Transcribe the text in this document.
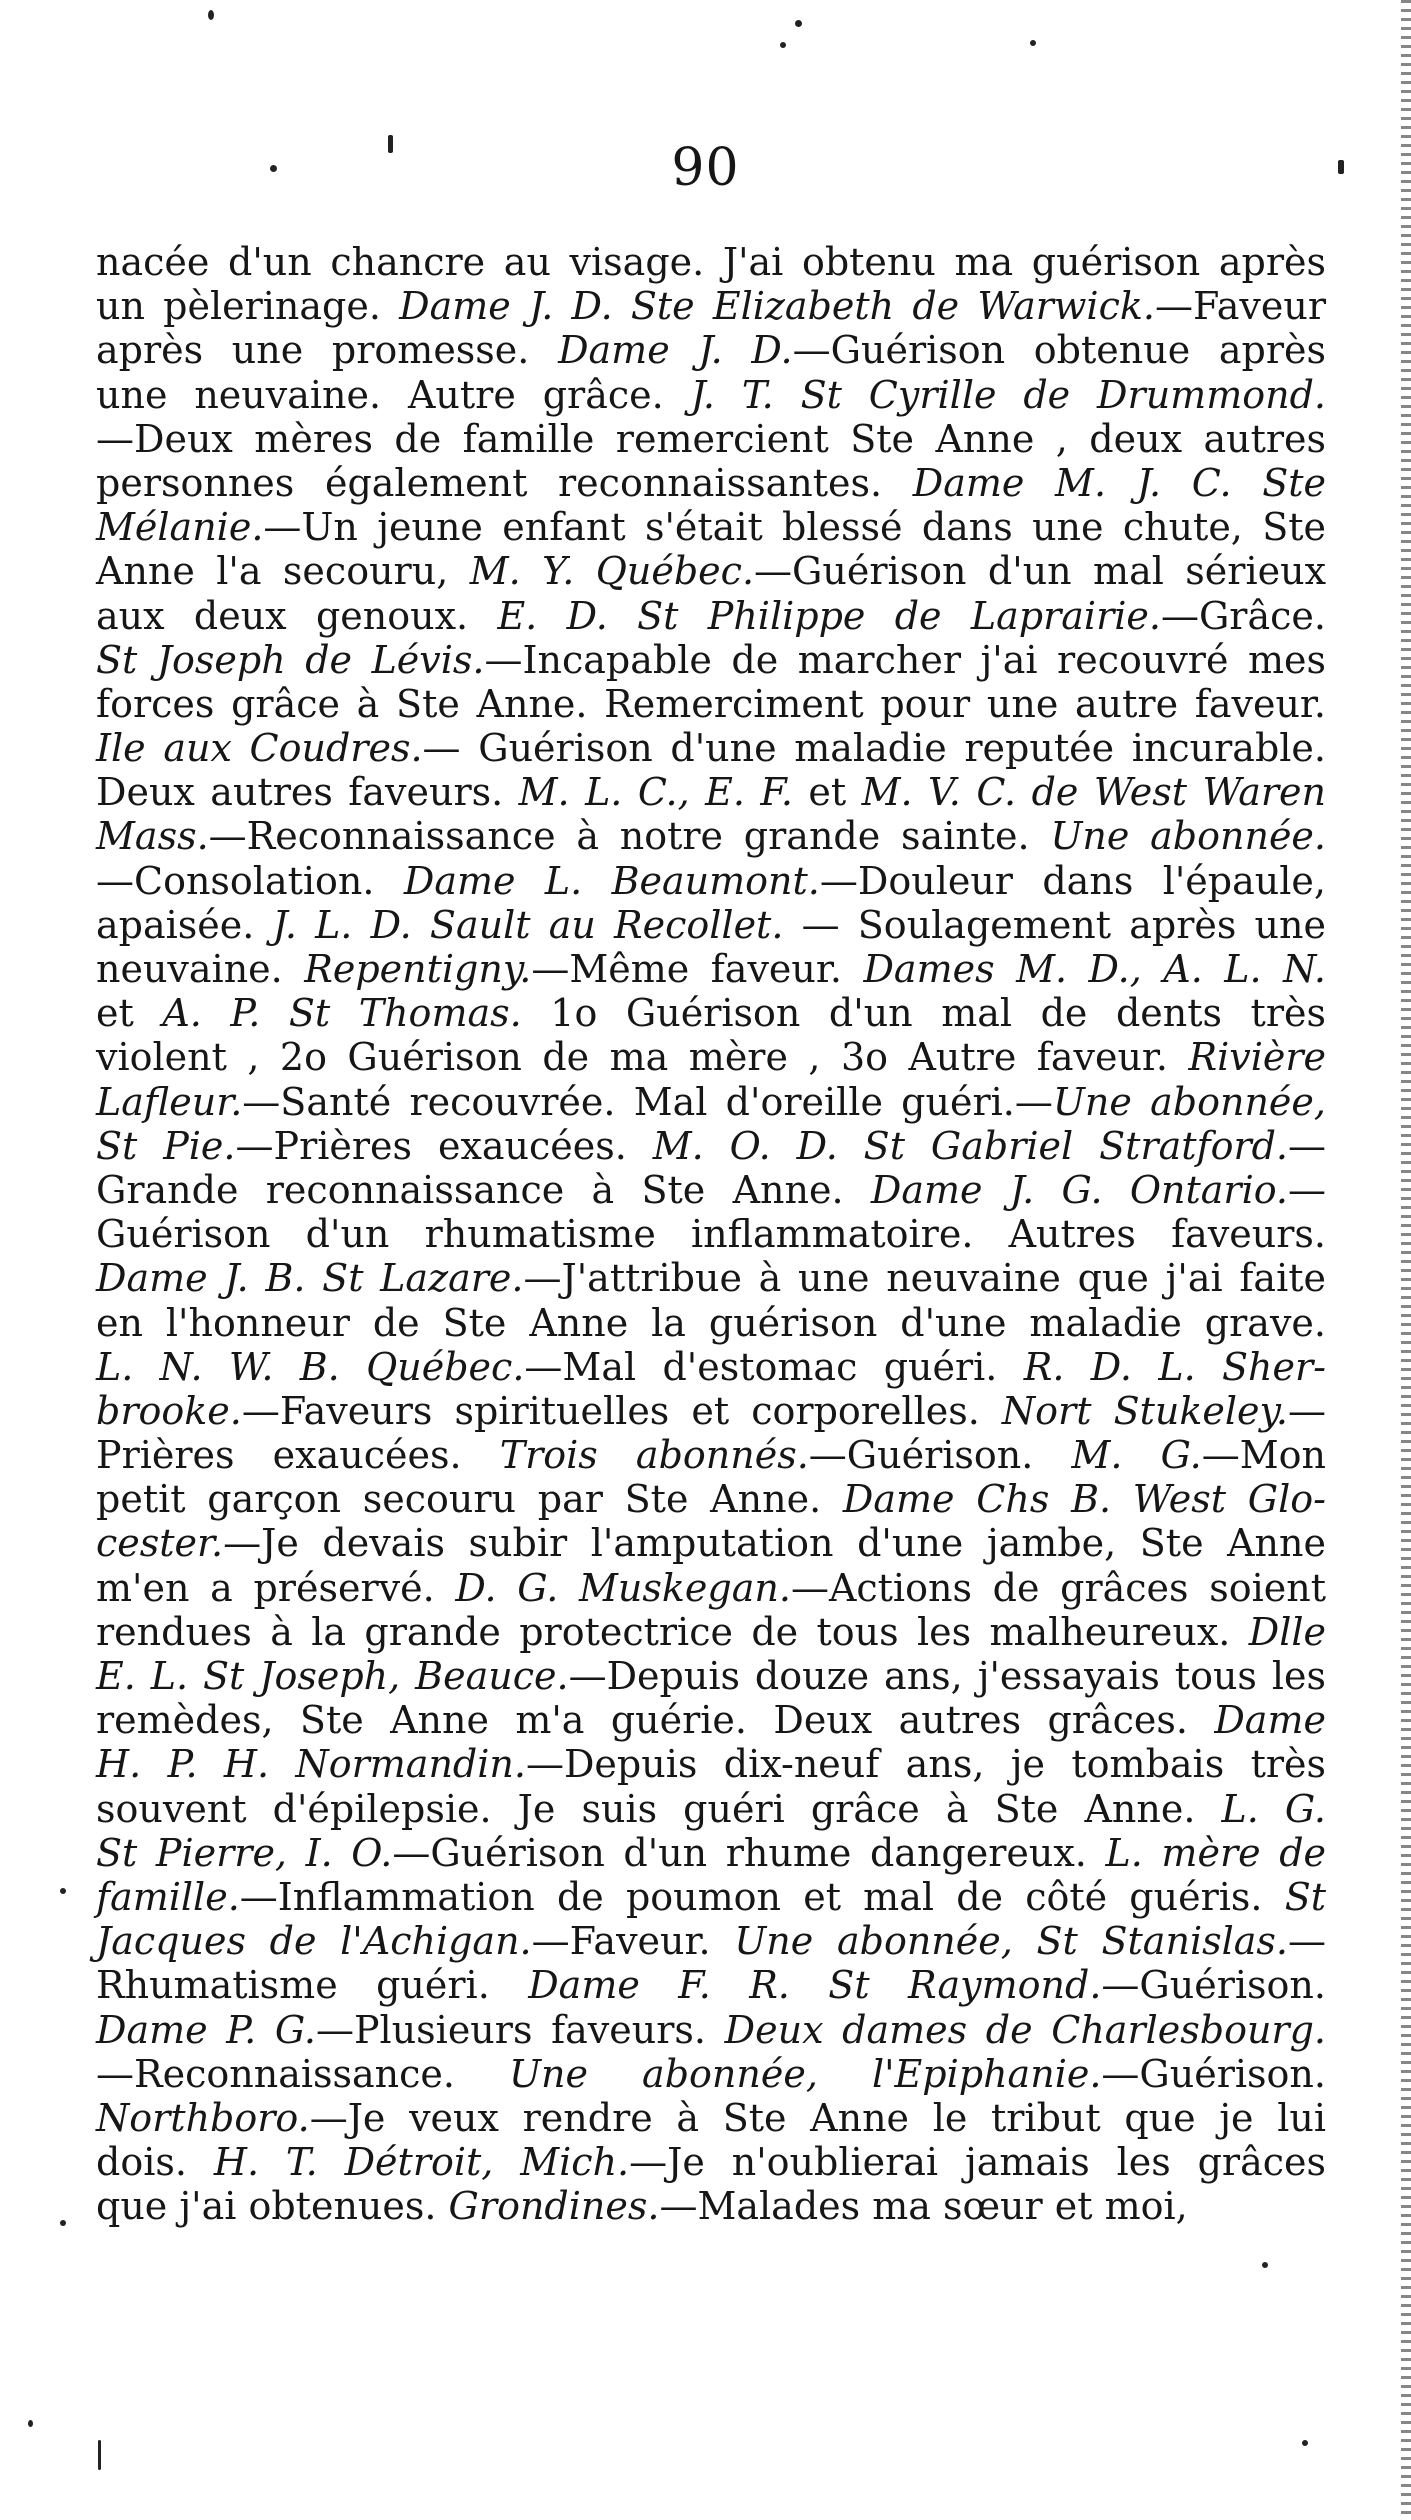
90
nacée d'un chancre au visage. J'ai obtenu ma guérison après
un pèlerinage. Dame J. D. Ste Elizabeth de Warwick.—Faveur
après une promesse. Dame J. D.—Guérison obtenue après
une neuvaine. Autre grâce. J. T. St Cyrille de Drummond.
—Deux mères de famille remercient Ste Anne , deux autres
personnes également reconnaissantes. Dame M. J. C. Ste
Mélanie.—Un jeune enfant s'était blessé dans une chute, Ste
Anne l'a secouru, M. Y. Québec.—Guérison d'un mal sérieux
aux deux genoux. E. D. St Philippe de Laprairie.—Grâce.
St Joseph de Lévis.—Incapable de marcher j'ai recouvré mes
forces grâce à Ste Anne. Remerciment pour une autre faveur.
Ile aux Coudres.— Guérison d'une maladie reputée incurable.
Deux autres faveurs. M. L. C., E. F. et M. V. C. de West Waren
Mass.—Reconnaissance à notre grande sainte. Une abonnée.
—Consolation. Dame L. Beaumont.—Douleur dans l'épaule,
apaisée. J. L. D. Sault au Recollet. — Soulagement après une
neuvaine. Repentigny.—Même faveur. Dames M. D., A. L. N.
et A. P. St Thomas. 1o Guérison d'un mal de dents très
violent , 2o Guérison de ma mère , 3o Autre faveur. Rivière
Lafleur.—Santé recouvrée. Mal d'oreille guéri.—Une abonnée,
St Pie.—Prières exaucées. M. O. D. St Gabriel Stratford.—
Grande reconnaissance à Ste Anne. Dame J. G. Ontario.—
Guérison d'un rhumatisme inflammatoire. Autres faveurs.
Dame J. B. St Lazare.—J'attribue à une neuvaine que j'ai faite
en l'honneur de Ste Anne la guérison d'une maladie grave.
L. N. W. B. Québec.—Mal d'estomac guéri. R. D. L. Sher-
brooke.—Faveurs spirituelles et corporelles. Nort Stukeley.—
Prières exaucées. Trois abonnés.—Guérison. M. G.—Mon
petit garçon secouru par Ste Anne. Dame Chs B. West Glo-
cester.—Je devais subir l'amputation d'une jambe, Ste Anne
m'en a préservé. D. G. Muskegan.—Actions de grâces soient
rendues à la grande protectrice de tous les malheureux. Dlle
E. L. St Joseph, Beauce.—Depuis douze ans, j'essayais tous les
remèdes, Ste Anne m'a guérie. Deux autres grâces. Dame
H. P. H. Normandin.—Depuis dix-neuf ans, je tombais très
souvent d'épilepsie. Je suis guéri grâce à Ste Anne. L. G.
St Pierre, I. O.—Guérison d'un rhume dangereux. L. mère de
famille.—Inflammation de poumon et mal de côté guéris. St
Jacques de l'Achigan.—Faveur. Une abonnée, St Stanislas.—
Rhumatisme guéri. Dame F. R. St Raymond.—Guérison.
Dame P. G.—Plusieurs faveurs. Deux dames de Charlesbourg.
—Reconnaissance. Une abonnée, l'Epiphanie.—Guérison.
Northboro.—Je veux rendre à Ste Anne le tribut que je lui
dois. H. T. Détroit, Mich.—Je n'oublierai jamais les grâces
que j'ai obtenues. Grondines.—Malades ma sœur et moi,
